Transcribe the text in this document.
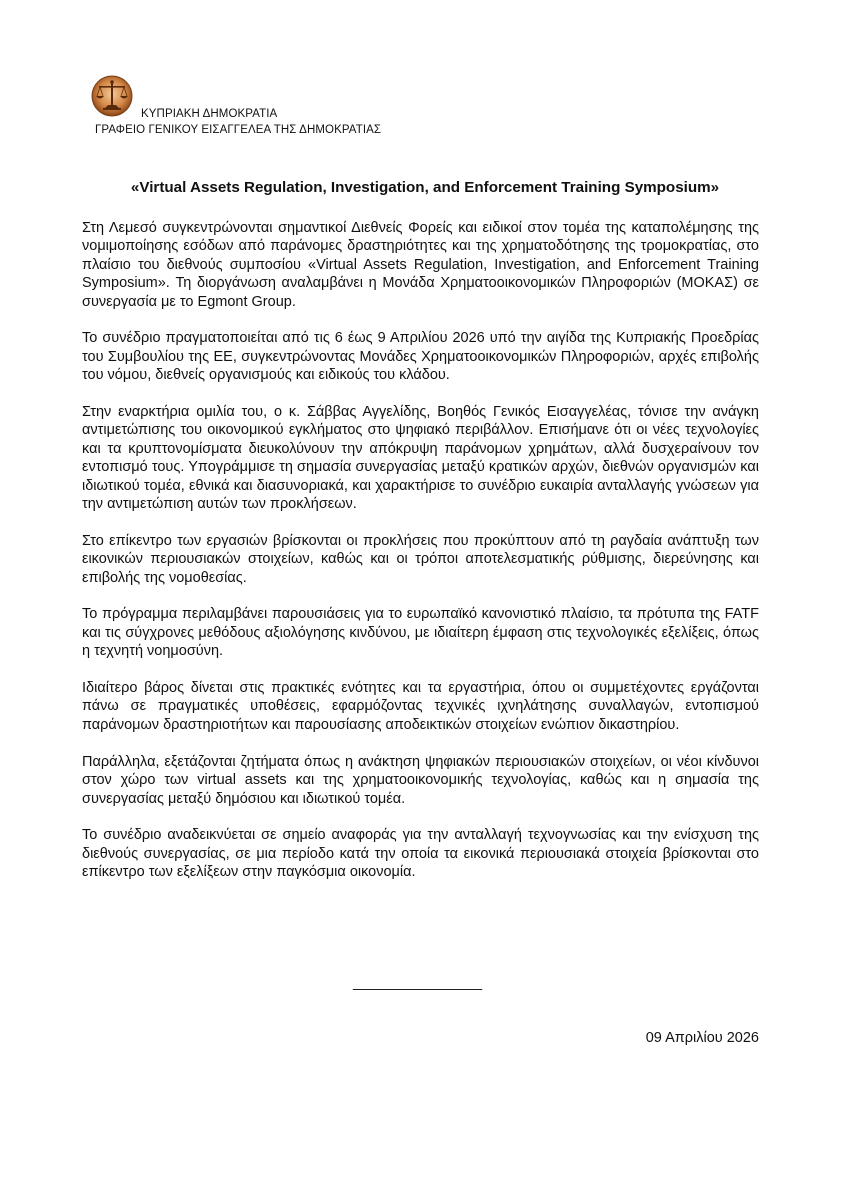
ΚΥΠΡΙΑΚΗ ΔΗΜΟΚΡΑΤΙΑ
ΓΡΑΦΕΙΟ ΓΕΝΙΚΟΥ ΕΙΣΑΓΓΕΛΕΑ ΤΗΣ ΔΗΜΟΚΡΑΤΙΑΣ
«Virtual Assets Regulation, Investigation, and Enforcement Training Symposium»

Στη Λεμεσό συγκεντρώνονται σημαντικοί Διεθνείς Φορείς και ειδικοί στον τομέα της καταπολέμησης της νομιμοποίησης εσόδων από παράνομες δραστηριότητες και της χρηματοδότησης της τρομοκρατίας, στο πλαίσιο του διεθνούς συμποσίου «Virtual Assets Regulation, Investigation, and Enforcement Training Symposium». Τη διοργάνωση αναλαμβάνει η Μονάδα Χρηματοοικονομικών Πληροφοριών (ΜΟΚΑΣ) σε συνεργασία με το Egmont Group.

Το συνέδριο πραγματοποιείται από τις 6 έως 9 Απριλίου 2026 υπό την αιγίδα της Κυπριακής Προεδρίας του Συμβουλίου της ΕΕ, συγκεντρώνοντας Μονάδες Χρηματοοικονομικών Πληροφοριών, αρχές επιβολής του νόμου, διεθνείς οργανισμούς και ειδικούς του κλάδου.

Στην εναρκτήρια ομιλία του, ο κ. Σάββας Αγγελίδης, Βοηθός Γενικός Εισαγγελέας, τόνισε την ανάγκη αντιμετώπισης του οικονομικού εγκλήματος στο ψηφιακό περιβάλλον. Επισήμανε ότι οι νέες τεχνολογίες και τα κρυπτονομίσματα διευκολύνουν την απόκρυψη παράνομων χρημάτων, αλλά δυσχεραίνουν τον εντοπισμό τους. Υπογράμμισε τη σημασία συνεργασίας μεταξύ κρατικών αρχών, διεθνών οργανισμών και ιδιωτικού τομέα, εθνικά και διασυνοριακά, και χαρακτήρισε το συνέδριο ευκαιρία ανταλλαγής γνώσεων για την αντιμετώπιση αυτών των προκλήσεων.

Στο επίκεντρο των εργασιών βρίσκονται οι προκλήσεις που προκύπτουν από τη ραγδαία ανάπτυξη των εικονικών περιουσιακών στοιχείων, καθώς και οι τρόποι αποτελεσματικής ρύθμισης, διερεύνησης και επιβολής της νομοθεσίας.

Το πρόγραμμα περιλαμβάνει παρουσιάσεις για το ευρωπαϊκό κανονιστικό πλαίσιο, τα πρότυπα της FATF και τις σύγχρονες μεθόδους αξιολόγησης κινδύνου, με ιδιαίτερη έμφαση στις τεχνολογικές εξελίξεις, όπως η τεχνητή νοημοσύνη.

Ιδιαίτερο βάρος δίνεται στις πρακτικές ενότητες και τα εργαστήρια, όπου οι συμμετέχοντες εργάζονται πάνω σε πραγματικές υποθέσεις, εφαρμόζοντας τεχνικές ιχνηλάτησης συναλλαγών, εντοπισμού παράνομων δραστηριοτήτων και παρουσίασης αποδεικτικών στοιχείων ενώπιον δικαστηρίου.

Παράλληλα, εξετάζονται ζητήματα όπως η ανάκτηση ψηφιακών περιουσιακών στοιχείων, οι νέοι κίνδυνοι στον χώρο των virtual assets και της χρηματοοικονομικής τεχνολογίας, καθώς και η σημασία της συνεργασίας μεταξύ δημόσιου και ιδιωτικού τομέα.

Το συνέδριο αναδεικνύεται σε σημείο αναφοράς για την ανταλλαγή τεχνογνωσίας και την ενίσχυση της διεθνούς συνεργασίας, σε μια περίοδο κατά την οποία τα εικονικά περιουσιακά στοιχεία βρίσκονται στο επίκεντρο των εξελίξεων στην παγκόσμια οικονομία.

________________
09 Απριλίου 2026
